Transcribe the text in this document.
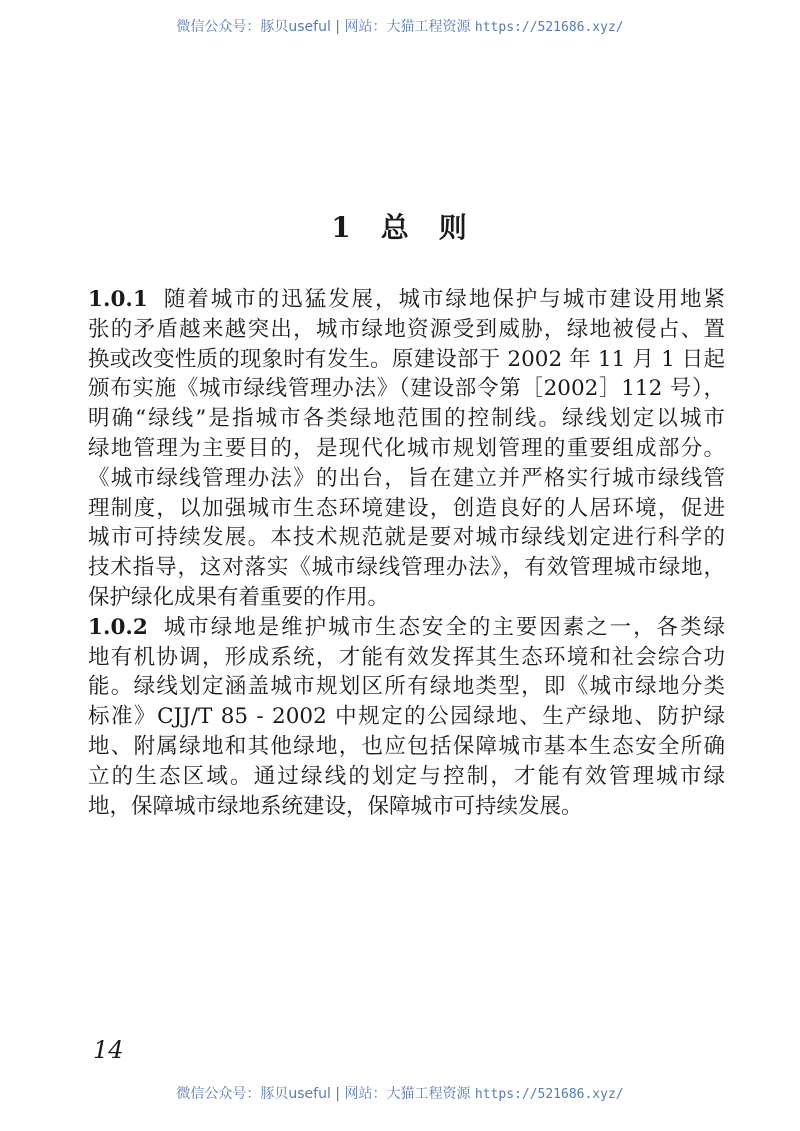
微信公众号：豚贝useful | 网站：大猫工程资源 https://521686.xyz/
1 总 则
1.0.1 随着城市的迅猛发展，城市绿地保护与城市建设用地紧
张的矛盾越来越突出，城市绿地资源受到威胁，绿地被侵占、置
换或改变性质的现象时有发生。原建设部于 2002 年 11 月 1 日起
颁布实施《城市绿线管理办法》（建设部令第［2002］112 号），
明确“绿线”是指城市各类绿地范围的控制线。绿线划定以城市
绿地管理为主要目的，是现代化城市规划管理的重要组成部分。
《城市绿线管理办法》的出台，旨在建立并严格实行城市绿线管
理制度，以加强城市生态环境建设，创造良好的人居环境，促进
城市可持续发展。本技术规范就是要对城市绿线划定进行科学的
技术指导，这对落实《城市绿线管理办法》，有效管理城市绿地，
保护绿化成果有着重要的作用。
1.0.2 城市绿地是维护城市生态安全的主要因素之一，各类绿
地有机协调，形成系统，才能有效发挥其生态环境和社会综合功
能。绿线划定涵盖城市规划区所有绿地类型，即《城市绿地分类
标准》CJJ/T 85 - 2002 中规定的公园绿地、生产绿地、防护绿
地、附属绿地和其他绿地，也应包括保障城市基本生态安全所确
立的生态区域。通过绿线的划定与控制，才能有效管理城市绿
地，保障城市绿地系统建设，保障城市可持续发展。
14
微信公众号：豚贝useful | 网站：大猫工程资源 https://521686.xyz/
